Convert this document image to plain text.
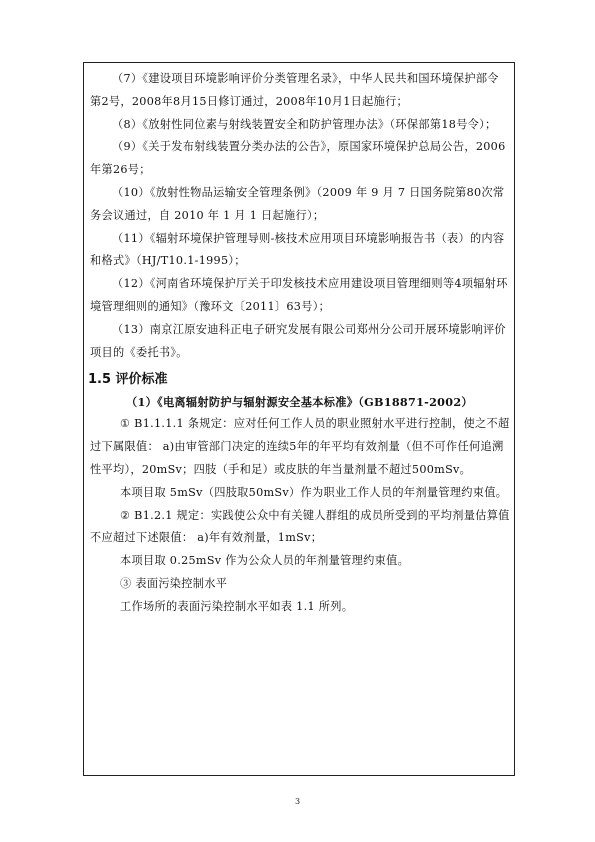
（7）《建设项目环境影响评价分类管理名录》，中华人民共和国环境保护部令第2号，2008年8月15日修订通过，2008年10月1日起施行；

（8）《放射性同位素与射线装置安全和防护管理办法》（环保部第18号令）；

（9）《关于发布射线装置分类办法的公告》，原国家环境保护总局公告，2006年第26号；

（10）《放射性物品运输安全管理条例》（2009 年 9 月 7 日国务院第80次常务会议通过，自 2010 年 1 月 1 日起施行）；

（11）《辐射环境保护管理导则-核技术应用项目环境影响报告书（表）的内容和格式》（HJ/T10.1-1995）；

（12）《河南省环境保护厅关于印发核技术应用建设项目管理细则等4项辐射环境管理细则的通知》（豫环文〔2011〕63号）；

（13）南京江原安迪科正电子研究发展有限公司郑州分公司开展环境影响评价项目的《委托书》。

1.5 评价标准

（1）《电离辐射防护与辐射源安全基本标准》（GB18871-2002）

① B1.1.1.1 条规定：应对任何工作人员的职业照射水平进行控制，使之不超过下属限值： a)由审管部门决定的连续5年的年平均有效剂量（但不可作任何追溯性平均），20mSv；四肢（手和足）或皮肤的年当量剂量不超过500mSv。

本项目取 5mSv（四肢取50mSv）作为职业工作人员的年剂量管理约束值。

② B1.2.1 规定：实践使公众中有关键人群组的成员所受到的平均剂量估算值不应超过下述限值： a)年有效剂量，1mSv；

本项目取 0.25mSv 作为公众人员的年剂量管理约束值。

③ 表面污染控制水平

工作场所的表面污染控制水平如表 1.1 所列。

3
